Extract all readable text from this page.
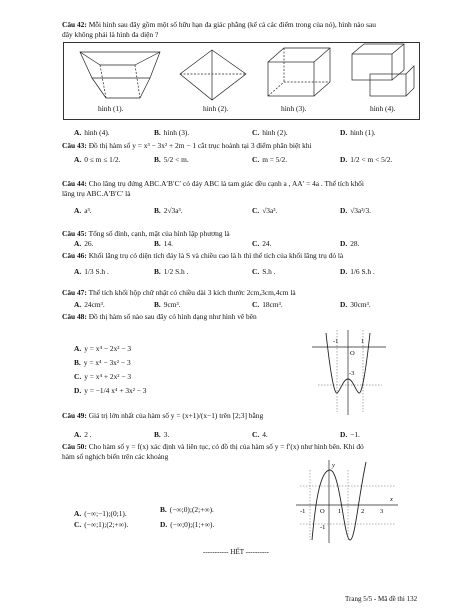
Câu 42: Mỗi hình sau đây gồm một số hữu hạn đa giác phẳng (kể cả các điểm trong của nó), hình nào sau
đây không phải là hình đa diện ?
hình (1).	hình (2).	hình (3).	hình (4).
A. hình (4).	B. hình (3).	C. hình (2).	D. hình (1).
Câu 43: Đồ thị hàm số y = x³ − 3x² + 2m − 1 cắt trục hoành tại 3 điểm phân biệt khi
A. 0 ≤ m ≤ 1/2.	B. 5/2 < m.	C. m = 5/2.	D. 1/2 < m < 5/2.
Câu 44: Cho lăng trụ đứng ABC.A′B′C′ có đáy ABC là tam giác đều cạnh a , AA′ = 4a . Thể tích khối
lăng trụ ABC.A′B′C′ là
A. a³.	B. 2√3a³.	C. √3a³.	D. √3a³/3.
Câu 45: Tổng số đỉnh, cạnh, mặt của hình lập phương là
A. 26.	B. 14.	C. 24.	D. 28.
Câu 46: Khối lăng trụ có diện tích đáy là S và chiều cao là h thì thể tích của khối lăng trụ đó là
A. 1/3 S.h .	B. 1/2 S.h .	C. S.h .	D. 1/6 S.h .
Câu 47: Thể tích khối hộp chữ nhật có chiều dài 3 kích thước 2cm,3cm,4cm là
A. 24cm³.	B. 9cm³.	C. 18cm³.	D. 30cm³.
Câu 48: Đồ thị hàm số nào sau đây có hình dạng như hình vẽ bên
A. y = x⁴ − 2x² − 3
B. y = x⁴ − 3x² − 3
C. y = x⁴ + 2x² − 3
D. y = −1/4 x⁴ + 3x² − 3
-1	1
O
-3
Câu 49: Giá trị lớn nhất của hàm số y = (x+1)/(x−1) trên [2;3] bằng
A. 2 .	B. 3.	C. 4.	D. −1.
Câu 50: Cho hàm số y = f(x) xác định và liên tục, có đồ thị của hàm số y = f′(x) như hình bên. Khi đó
hàm số nghịch biến trên các khoảng
A. (−∞;−1);(0;1).	B. (−∞;0);(2;+∞).
C. (−∞;1);(2;+∞).	D. (−∞;0);(1;+∞).
y
x
-1 O 1	2 3
-1
----------- HẾT ----------
Trang 5/5 - Mã đề thi 132
